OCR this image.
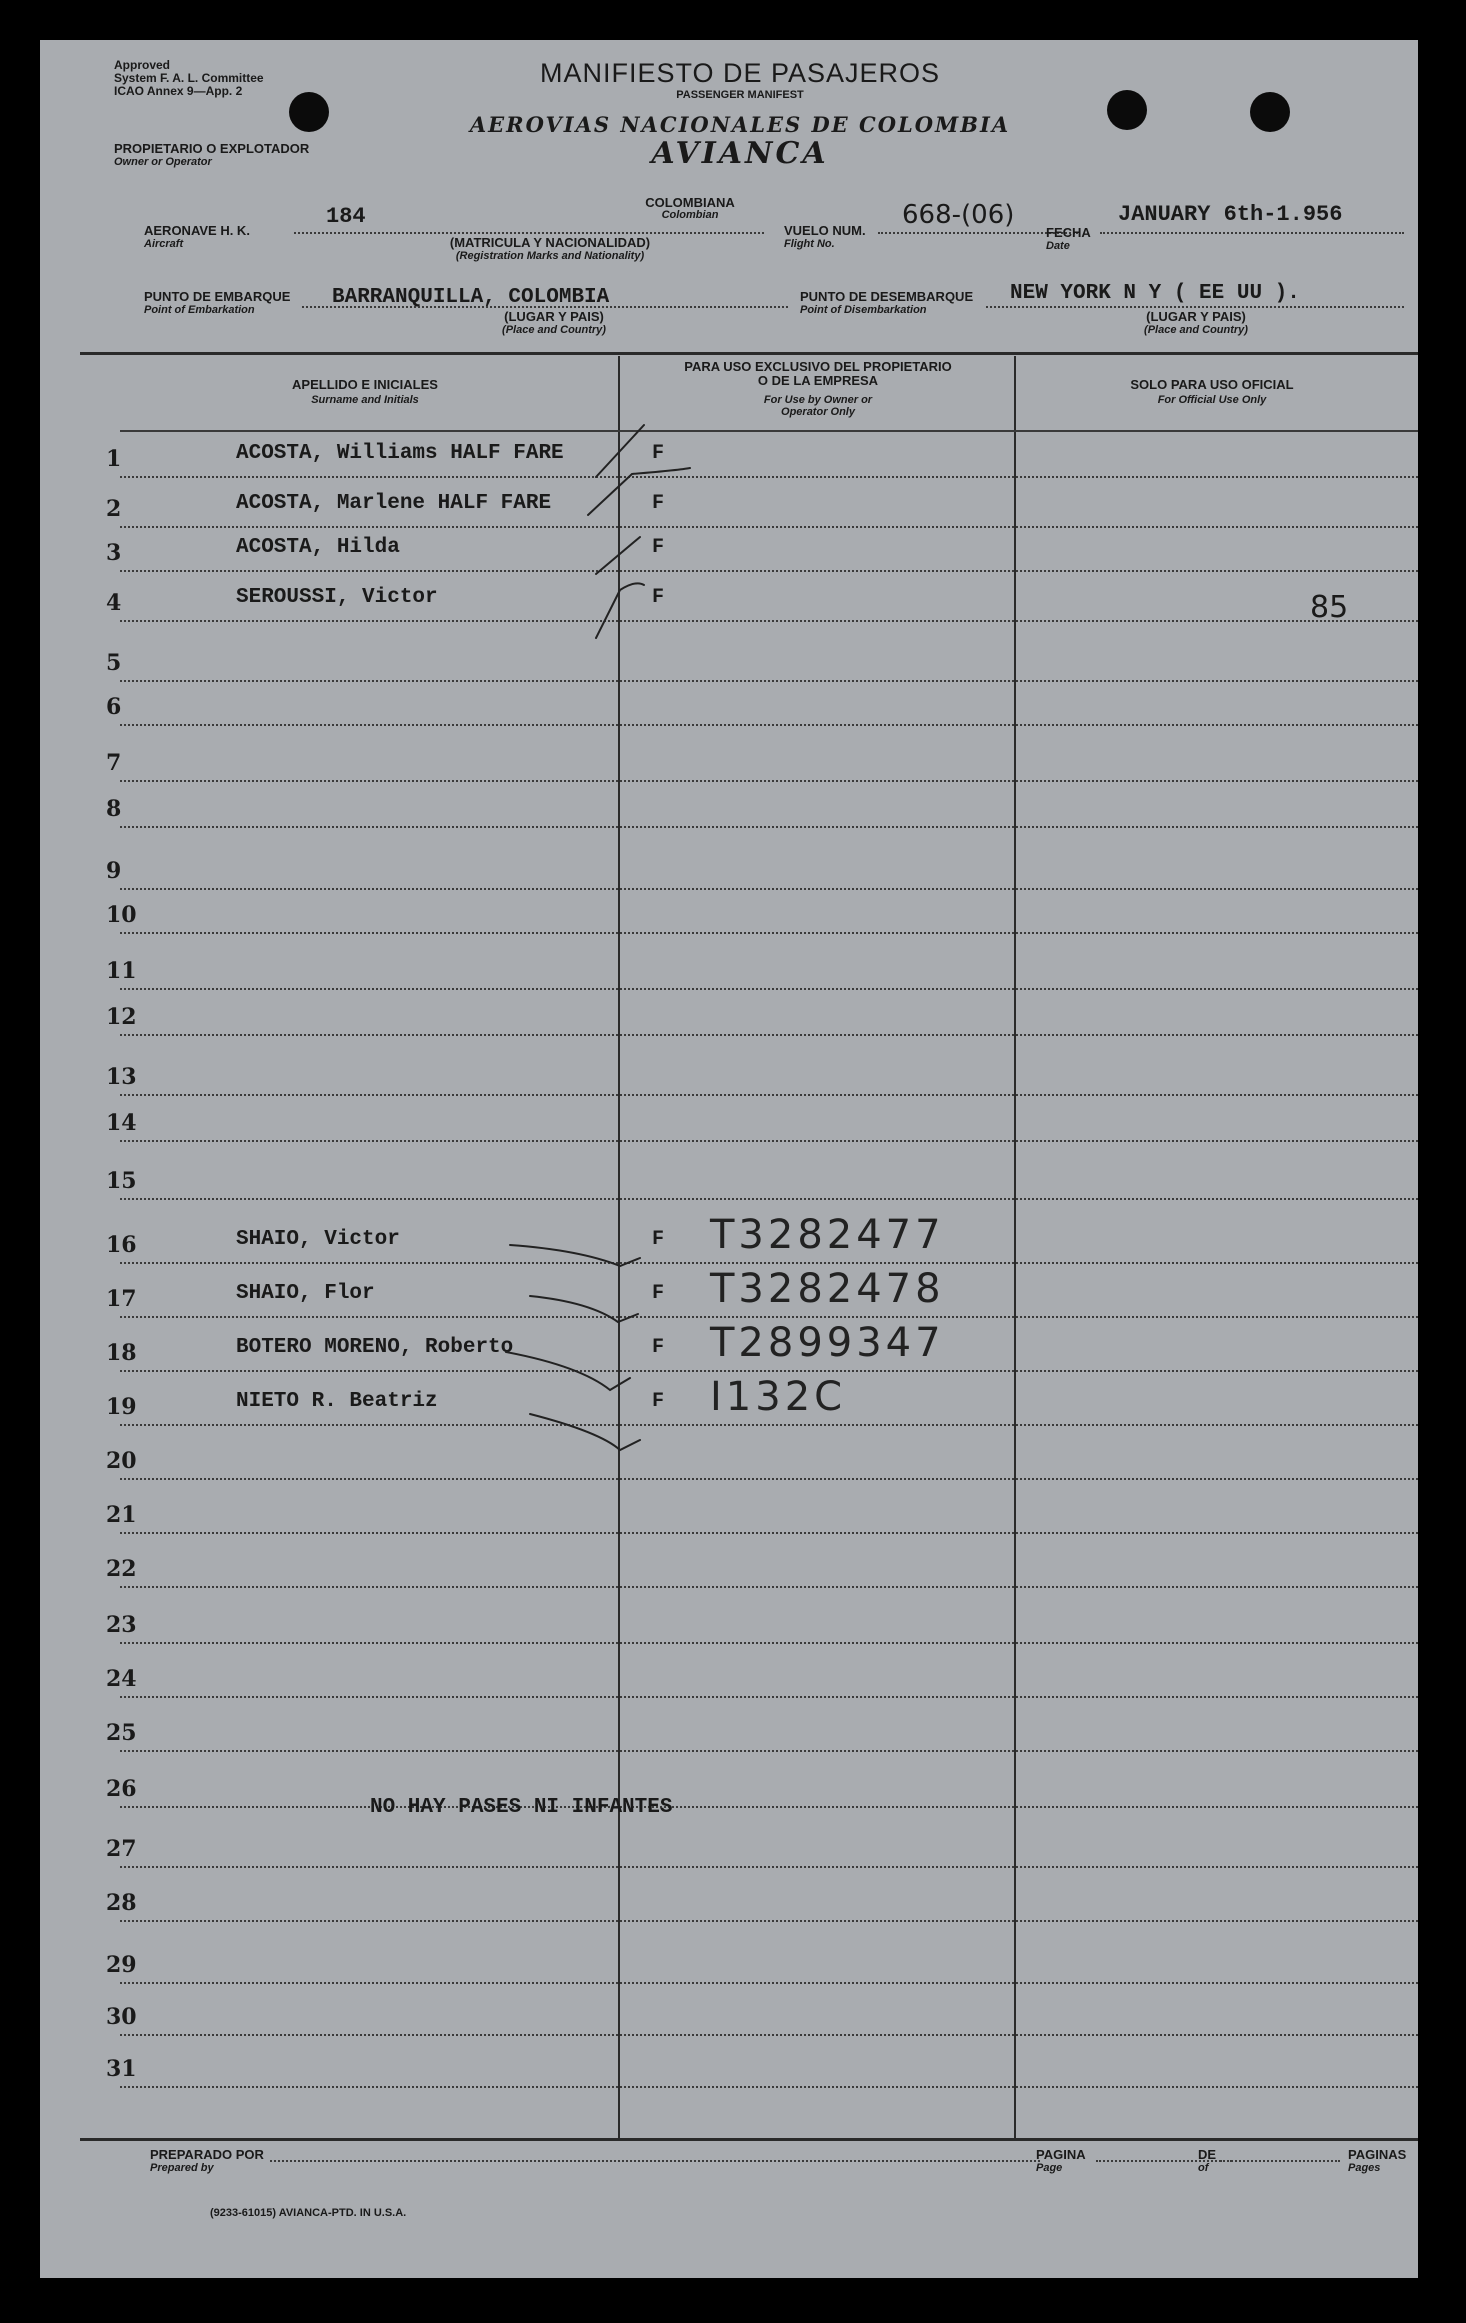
Approved
System F. A. L. Committee
ICAO Annex 9—App. 2
PROPIETARIO O EXPLOTADOR
Owner or Operator
MANIFIESTO DE PASAJEROS
PASSENGER MANIFEST
AEROVIAS NACIONALES DE COLOMBIA
AVIANCA
AERONAVE H. K.
Aircraft
184
COLOMBIANA
Colombian
(MATRICULA Y NACIONALIDAD)
(Registration Marks and Nationality)
VUELO NUM.
Flight No.
668-(06)
FECHA
Date
JANUARY 6th-1.956
PUNTO DE EMBARQUE
Point of Embarkation
BARRANQUILLA, COLOMBIA
(LUGAR Y PAIS)
(Place and Country)
PUNTO DE DESEMBARQUE
Point of Disembarkation
NEW YORK N Y ( EE UU ).
(LUGAR Y PAIS)
(Place and Country)
APELLIDO E INICIALES
Surname and Initials
PARA USO EXCLUSIVO DEL PROPIETARIO
O DE LA EMPRESA
For Use by Owner or
Operator Only
SOLO PARA USO OFICIAL
For Official Use Only
1	ACOSTA, Williams HALF FARE	F
2	ACOSTA, Marlene HALF FARE	F
3	ACOSTA, Hilda	F
4	SEROUSSI, Victor	F	85
5
6
7
8
9
10
11
12
13
14
15
16	SHAIO, Victor	F T3282477
17	SHAIO, Flor	F T3282478
18	BOTERO MORENO, Roberto	F T2899347
19	NIETO R. Beatriz	F I132C
20
21
22
23
24
25
26
27
28
29
30
31
NO HAY PASES NI INFANTES
PREPARADO POR
Prepared by
PAGINA
Page
DE
of
PAGINAS
Pages
(9233-61015) AVIANCA-PTD. IN U.S.A.
